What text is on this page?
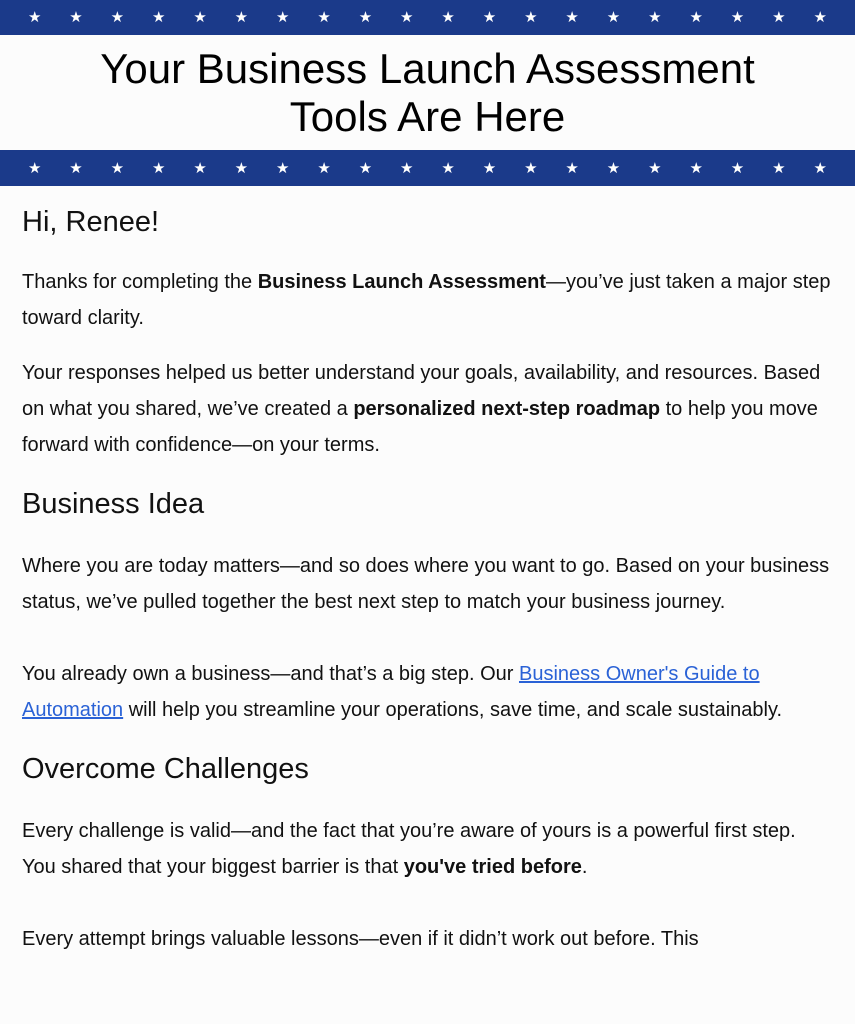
★ ★ ★ ★ ★ ★ ★ ★ ★ ★ ★ ★ ★ ★ ★ ★ ★ ★ ★ ★
Your Business Launch Assessment Tools Are Here
★ ★ ★ ★ ★ ★ ★ ★ ★ ★ ★ ★ ★ ★ ★ ★ ★ ★ ★ ★
Hi, Renee!

Thanks for completing the Business Launch Assessment—you’ve just taken a major step toward clarity.

Your responses helped us better understand your goals, availability, and resources. Based on what you shared, we’ve created a personalized next-step roadmap to help you move forward with confidence—on your terms.

Business Idea

Where you are today matters—and so does where you want to go. Based on your business status, we’ve pulled together the best next step to match your business journey.

You already own a business—and that’s a big step. Our Business Owner's Guide to Automation will help you streamline your operations, save time, and scale sustainably.

Overcome Challenges

Every challenge is valid—and the fact that you’re aware of yours is a powerful first step. You shared that your biggest barrier is that you've tried before.

Every attempt brings valuable lessons—even if it didn’t work out before. This
